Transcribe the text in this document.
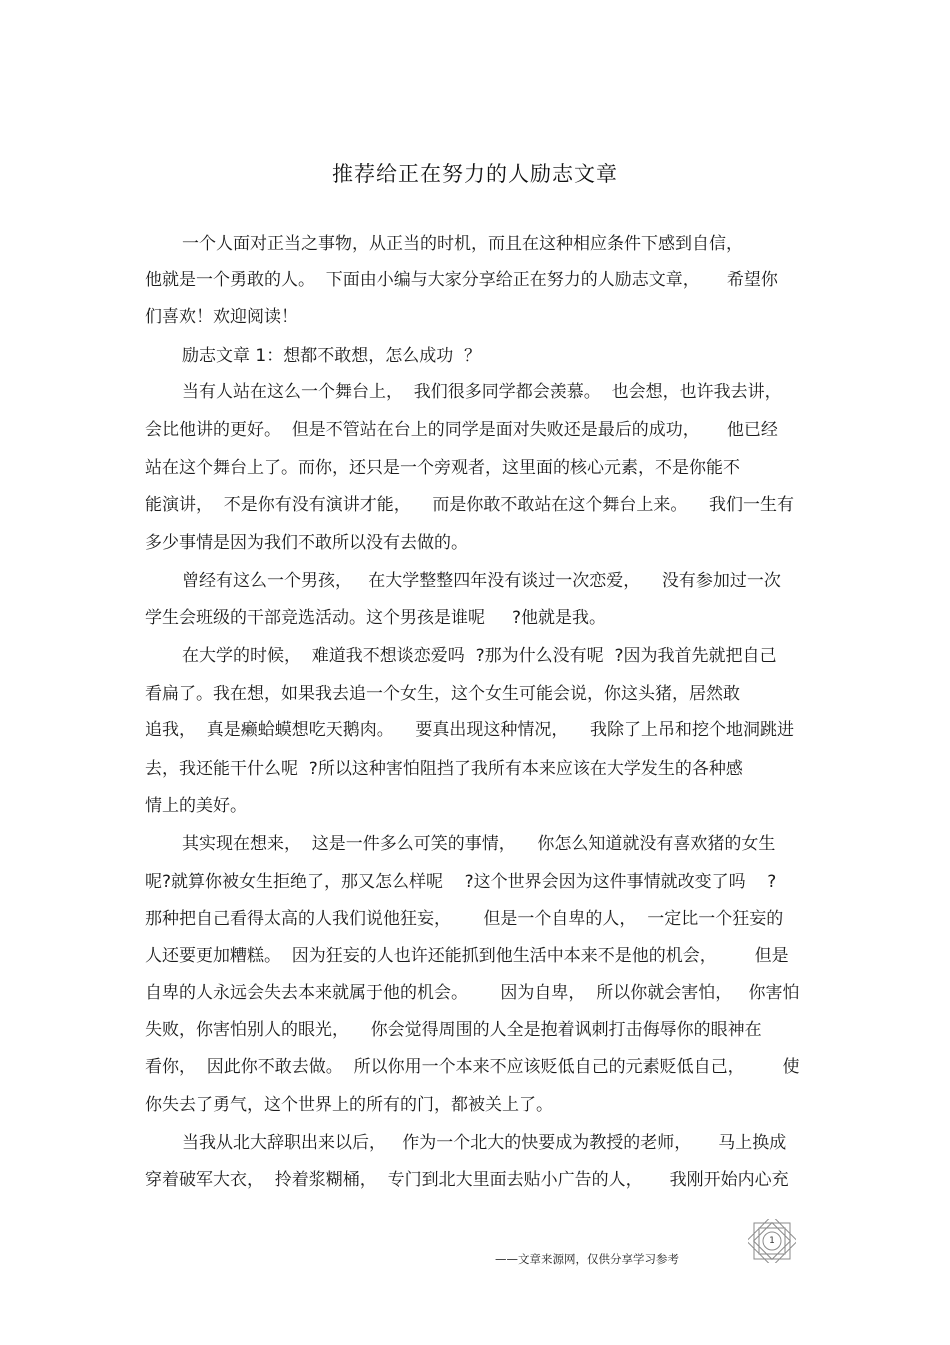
推荐给正在努力的人励志文章
一个人面对正当之事物，从正当的时机，而且在这种相应条件下感到自信，
他就是一个勇敢的人。  下面由小编与大家分享给正在努力的人励志文章，     希望你
们喜欢！欢迎阅读！
励志文章 1：想都不敢想，怎么成功  ？
当有人站在这么一个舞台上，  我们很多同学都会羡慕。  也会想，也许我去讲，
会比他讲的更好。  但是不管站在台上的同学是面对失败还是最后的成功，     他已经
站在这个舞台上了。而你，还只是一个旁观者，这里面的核心元素，不是你能不
能演讲，  不是你有没有演讲才能，    而是你敢不敢站在这个舞台上来。    我们一生有
多少事情是因为我们不敢所以没有去做的。
曾经有这么一个男孩，   在大学整整四年没有谈过一次恋爱，    没有参加过一次
学生会班级的干部竞选活动。这个男孩是谁呢     ?他就是我。
在大学的时候，  难道我不想谈恋爱吗  ?那为什么没有呢  ?因为我首先就把自己
看扁了。我在想，如果我去追一个女生，这个女生可能会说，你这头猪，居然敢
追我，  真是癞蛤蟆想吃天鹅肉。    要真出现这种情况，    我除了上吊和挖个地洞跳进
去，我还能干什么呢  ?所以这种害怕阻挡了我所有本来应该在大学发生的各种感
情上的美好。
其实现在想来，  这是一件多么可笑的事情，    你怎么知道就没有喜欢猪的女生
呢?就算你被女生拒绝了，那又怎么样呢    ?这个世界会因为这件事情就改变了吗    ?
那种把自己看得太高的人我们说他狂妄，      但是一个自卑的人，  一定比一个狂妄的
人还要更加糟糕。  因为狂妄的人也许还能抓到他生活中本来不是他的机会，       但是
自卑的人永远会失去本来就属于他的机会。      因为自卑，  所以你就会害怕，   你害怕
失败，你害怕别人的眼光，    你会觉得周围的人全是抱着讽刺打击侮辱你的眼神在
看你，  因此你不敢去做。  所以你用一个本来不应该贬低自己的元素贬低自己，       使
你失去了勇气，这个世界上的所有的门，都被关上了。
当我从北大辞职出来以后，   作为一个北大的快要成为教授的老师，     马上换成
穿着破军大衣，  拎着浆糊桶，  专门到北大里面去贴小广告的人，     我刚开始内心充
——文章来源网，仅供分享学习参考
1
